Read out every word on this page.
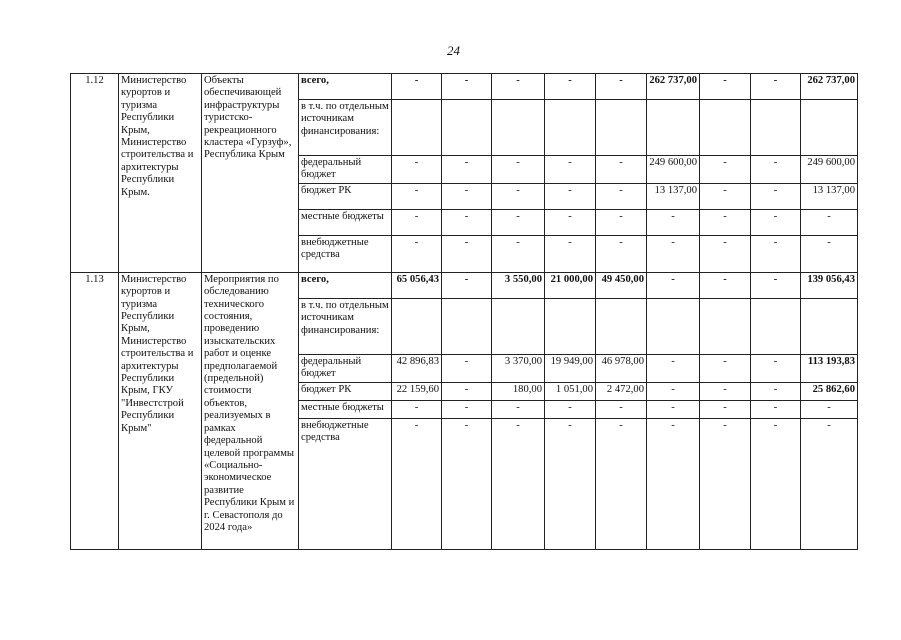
24
1.12	Министерство курортов и туризма Республики Крым, Министерство строительства и архитектуры Республики Крым.	Объекты обеспечивающей инфраструктуры туристско-рекреационного кластера «Гурзуф», Республика Крым	всего,	-	-	-	-	-	262 737,00	-	-	262 737,00
			в т.ч. по отдельным источникам финансирования:									
			федеральный бюджет	-	-	-	-	-	249 600,00	-	-	249 600,00
			бюджет РК	-	-	-	-	-	13 137,00	-	-	13 137,00
			местные бюджеты	-	-	-	-	-	-	-	-	-
			внебюджетные средства	-	-	-	-	-	-	-	-	-
1.13	Министерство курортов и туризма Республики Крым, Министерство строительства и архитектуры Республики Крым, ГКУ "Инвестстрой Республики Крым"	Мероприятия по обследованию технического состояния, проведению изыскательских работ и оценке предполагаемой (предельной) стоимости объектов, реализуемых в рамках федеральной целевой программы «Социально-экономическое развитие Республики Крым и г. Севастополя до 2024 года»	всего,	65 056,43	-	3 550,00	21 000,00	49 450,00	-	-	-	139 056,43
			в т.ч. по отдельным источникам финансирования:									
			федеральный бюджет	42 896,83	-	3 370,00	19 949,00	46 978,00	-	-	-	113 193,83
			бюджет РК	22 159,60	-	180,00	1 051,00	2 472,00	-	-	-	25 862,60
			местные бюджеты	-	-	-	-	-	-	-	-	-
			внебюджетные средства	-	-	-	-	-	-	-	-	-
